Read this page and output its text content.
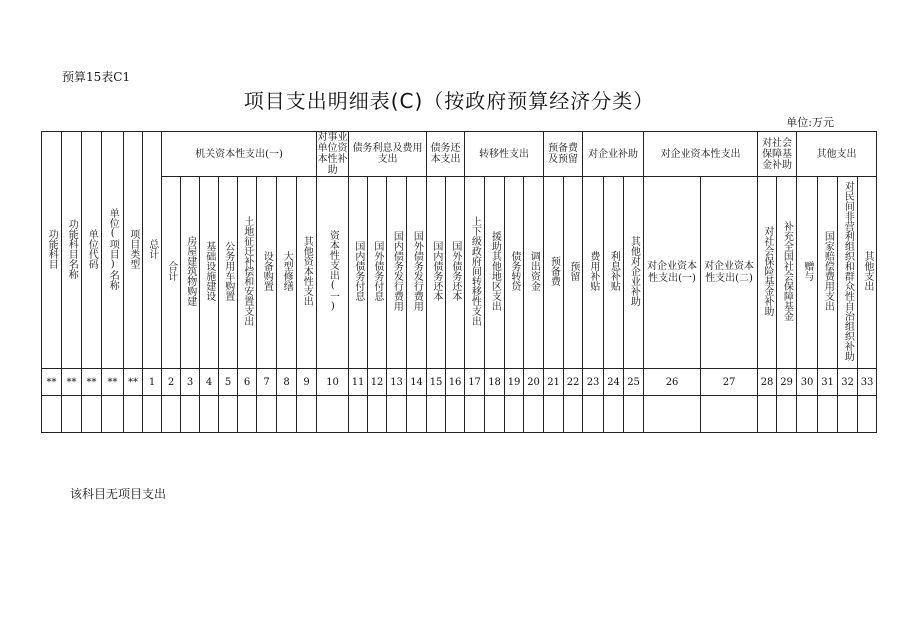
预算15表C1
项目支出明细表(C)（按政府预算经济分类）
单位:万元
功能科目	功能科目名称	单位代码	单位(项目)名称	项目类型	总计	机关资本性支出(一)								对事业单位资本性补助	债务利息及费用支出				债务还本支出		转移性支出				预备费及预留		对企业补助			对企业资本性支出		对社会保障基金补助		其他支出			
						合计	房屋建筑物购建	基础设施建设	公务用车购置	土地征迁补偿和安置支出	设备购置	大型修缮	其他资本性支出	资本性支出(一)	国内债务付息	国外债务付息	国内债务发行费用	国外债务发行费用	国内债务还本	国外债务还本	上下级政府间转移性支出	援助其他地区支出	债务转贷	调出资金	预备费	预留	费用补贴	利息补贴	其他对企业补助	对企业资本性支出(一)	对企业资本性支出(二)	对社会保险基金补助	补充全国社会保障基金	赠与	国家赔偿费用支出	对民间非营利组织和群众性自治组织补助	其他支出
**	**	**	**	**	1	2	3	4	5	6	7	8	9	10	11	12	13	14	15	16	17	18	19	20	21	22	23	24	25	26	27	28	29	30	31	32	33

该科目无项目支出
